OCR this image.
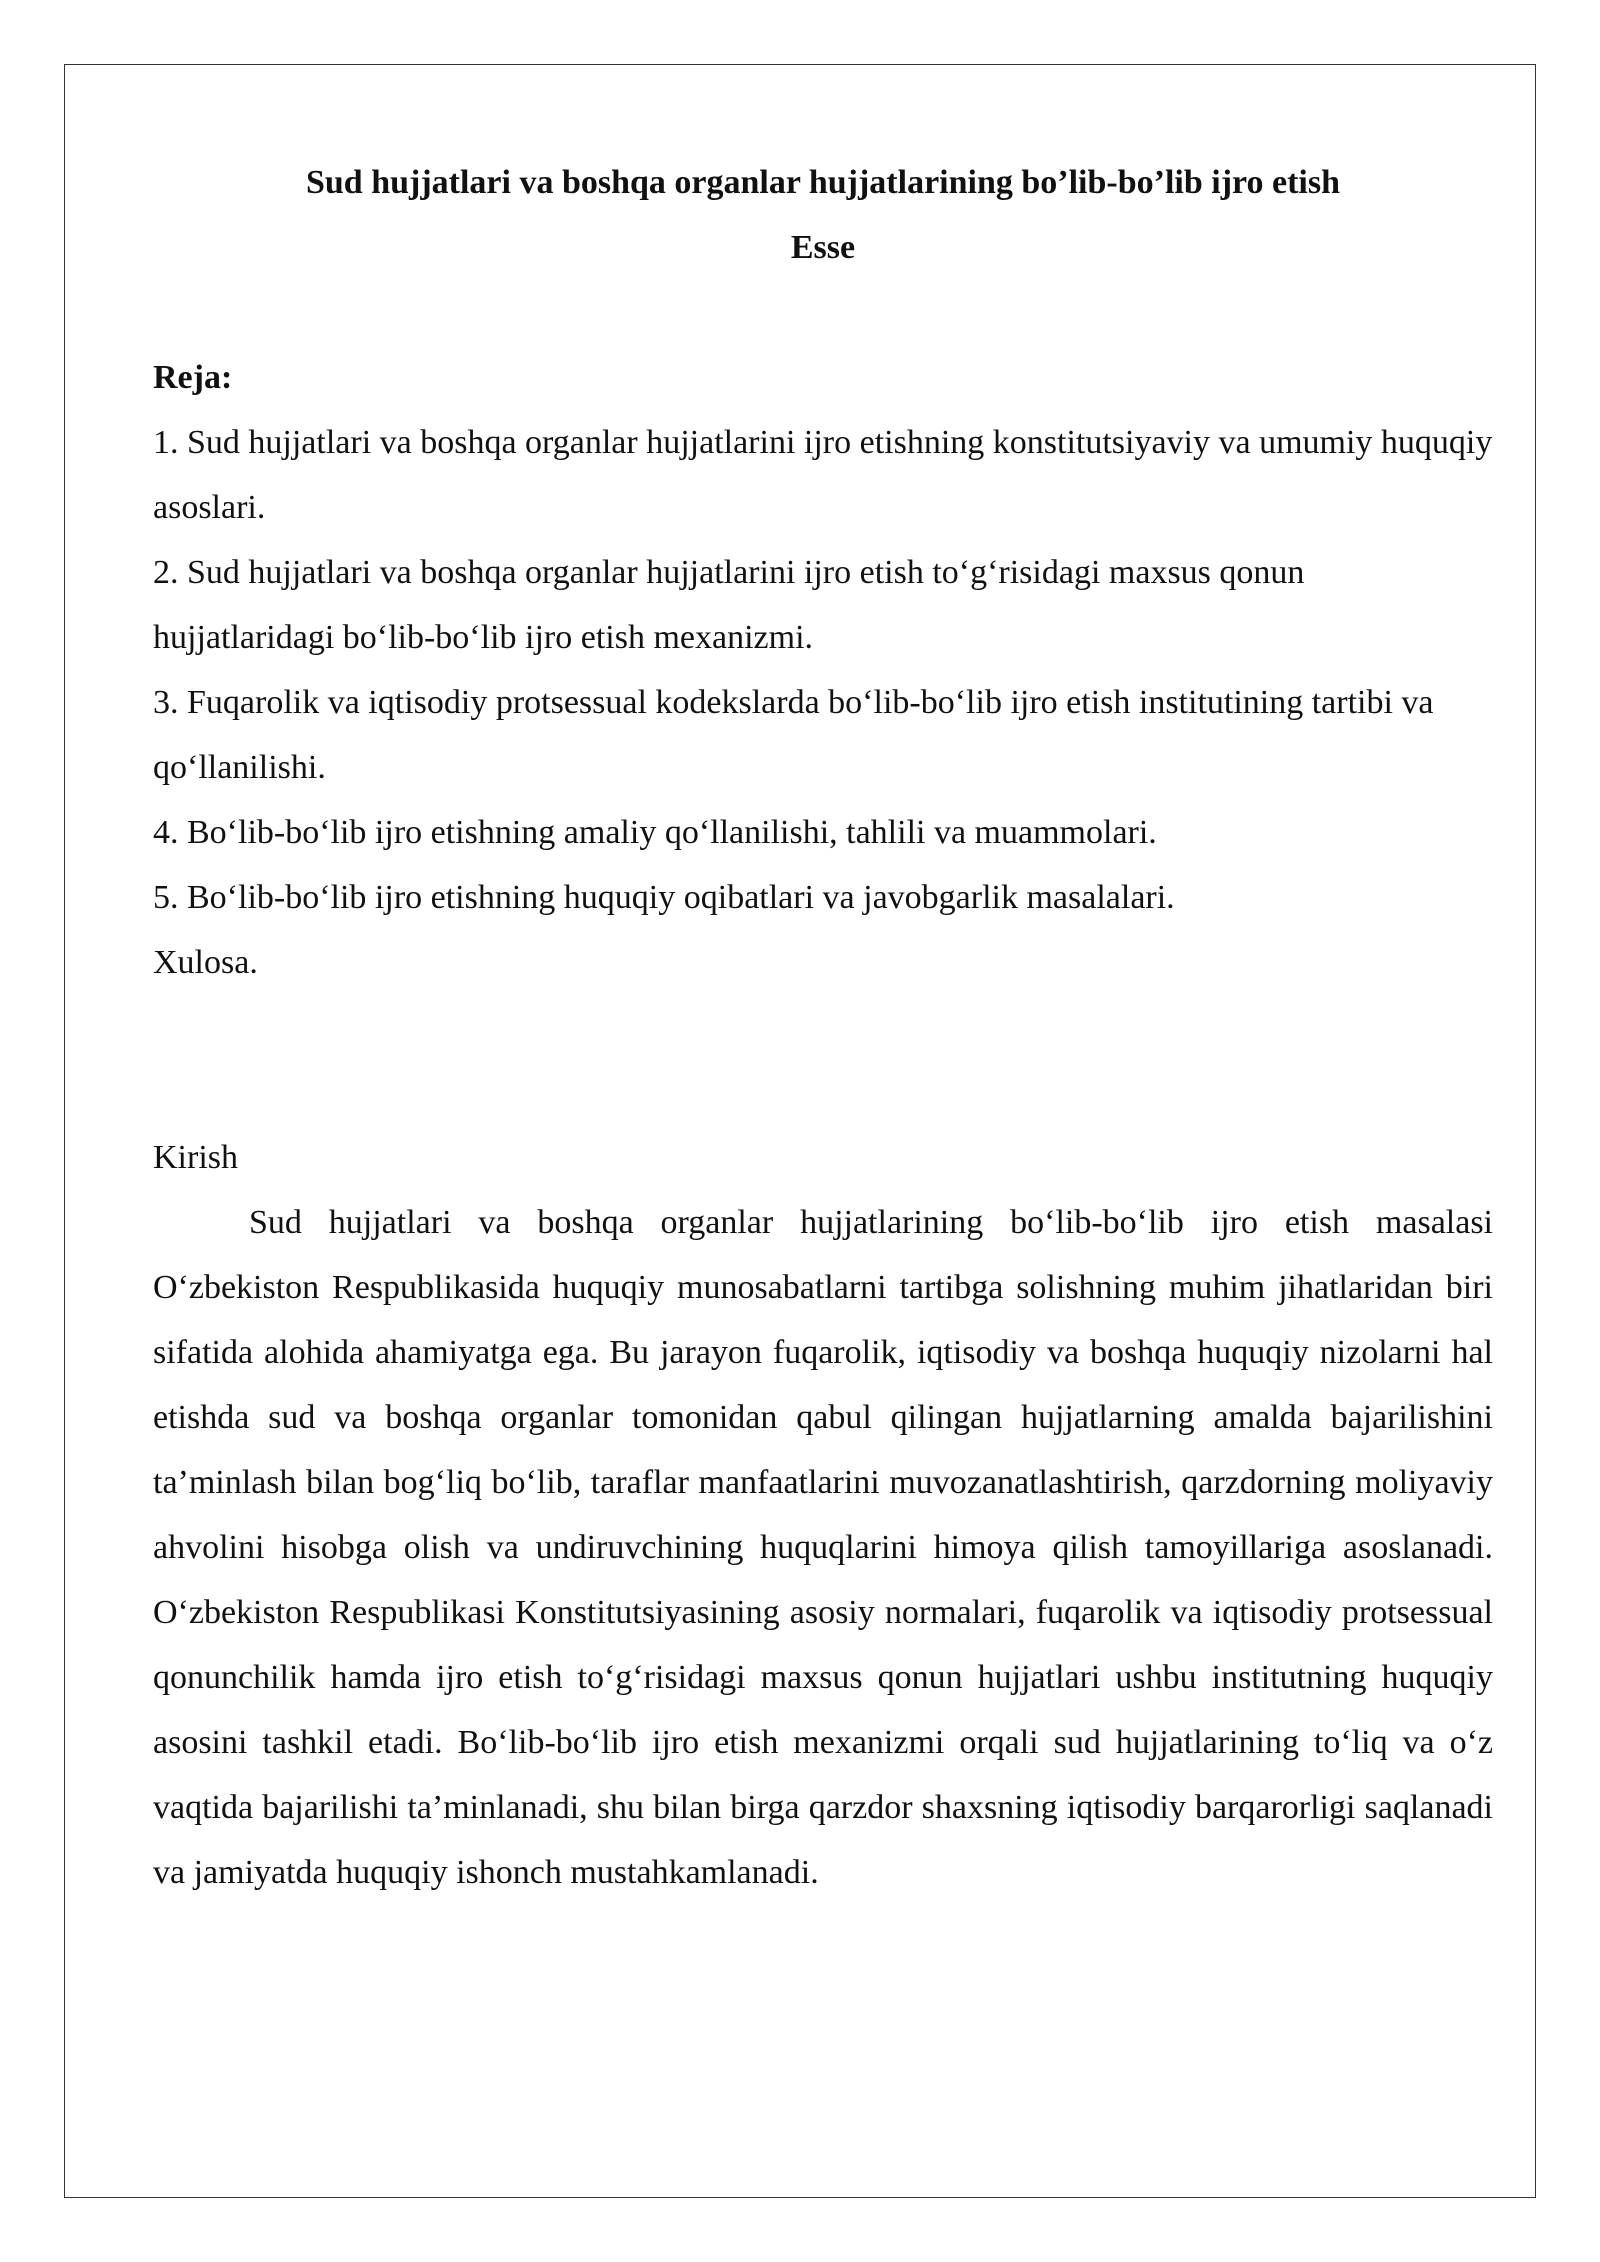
Sud hujjatlari va boshqa organlar hujjatlarining bo’lib-bo’lib ijro etish

Esse

Reja:

1. Sud hujjatlari va boshqa organlar hujjatlarini ijro etishning konstitutsiyaviy va umumiy huquqiy asoslari.
2. Sud hujjatlari va boshqa organlar hujjatlarini ijro etish to‘g‘risidagi maxsus qonun hujjatlaridagi bo‘lib-bo‘lib ijro etish mexanizmi.
3. Fuqarolik va iqtisodiy protsessual kodekslarda bo‘lib-bo‘lib ijro etish institutining tartibi va qo‘llanilishi.
4. Bo‘lib-bo‘lib ijro etishning amaliy qo‘llanilishi, tahlili va muammolari.
5. Bo‘lib-bo‘lib ijro etishning huquqiy oqibatlari va javobgarlik masalalari.

Xulosa.

Kirish

Sud hujjatlari va boshqa organlar hujjatlarining bo‘lib-bo‘lib ijro etish masalasi O‘zbekiston Respublikasida huquqiy munosabatlarni tartibga solishning muhim jihatlaridan biri sifatida alohida ahamiyatga ega. Bu jarayon fuqarolik, iqtisodiy va boshqa huquqiy nizolarni hal etishda sud va boshqa organlar tomonidan qabul qilingan hujjatlarning amalda bajarilishini ta’minlash bilan bog‘liq bo‘lib, taraflar manfaatlarini muvozanatlashtirish, qarzdorning moliyaviy ahvolini hisobga olish va undiruvchining huquqlarini himoya qilish tamoyillariga asoslanadi. O‘zbekiston Respublikasi Konstitutsiyasining asosiy normalari, fuqarolik va iqtisodiy protsessual qonunchilik hamda ijro etish to‘g‘risidagi maxsus qonun hujjatlari ushbu institutning huquqiy asosini tashkil etadi. Bo‘lib-bo‘lib ijro etish mexanizmi orqali sud hujjatlarining to‘liq va o‘z vaqtida bajarilishi ta’minlanadi, shu bilan birga qarzdor shaxsning iqtisodiy barqarorligi saqlanadi va jamiyatda huquqiy ishonch mustahkamlanadi.
